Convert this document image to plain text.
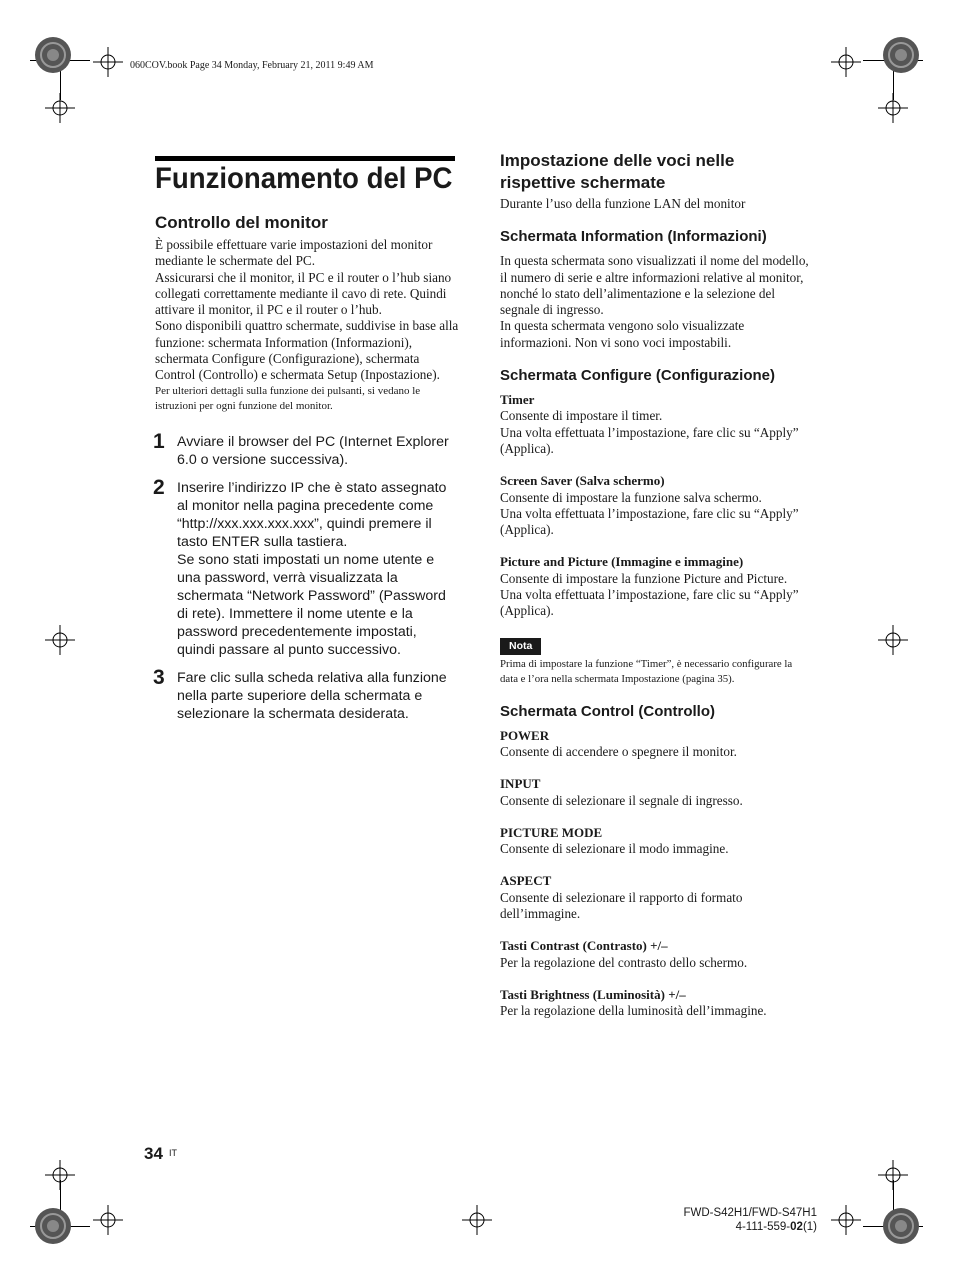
060COV.book Page 34 Monday, February 21, 2011 9:49 AM
Funzionamento del PC
Controllo del monitor

È possibile effettuare varie impostazioni del monitor mediante le schermate del PC.

Assicurarsi che il monitor, il PC e il router o l’hub siano collegati correttamente mediante il cavo di rete. Quindi attivare il monitor, il PC e il router o l’hub.

Sono disponibili quattro schermate, suddivise in base alla funzione: schermata Information (Informazioni), schermata Configure (Configurazione), schermata Control (Controllo) e schermata Setup (Inpostazione).

Per ulteriori dettagli sulla funzione dei pulsanti, si vedano le istruzioni per ogni funzione del monitor.

1 Avviare il browser del PC (Internet Explorer 6.0 o versione successiva).
2 Inserire l’indirizzo IP che è stato assegnato al monitor nella pagina precedente come “http://xxx.xxx.xxx.xxx”, quindi premere il tasto ENTER sulla tastiera.
Se sono stati impostati un nome utente e una password, verrà visualizzata la schermata “Network Password” (Password di rete). Immettere il nome utente e la password precedentemente impostati, quindi passare al punto successivo.
3 Fare clic sulla scheda relativa alla funzione nella parte superiore della schermata e selezionare la schermata desiderata.
Impostazione delle voci nelle rispettive schermate

Durante l’uso della funzione LAN del monitor

Schermata Information (Informazioni)

In questa schermata sono visualizzati il nome del modello, il numero di serie e altre informazioni relative al monitor, nonché lo stato dell’alimentazione e la selezione del segnale di ingresso.

In questa schermata vengono solo visualizzate informazioni. Non vi sono voci impostabili.

Schermata Configure (Configurazione)

Timer

Consente di impostare il timer.

Una volta effettuata l’impostazione, fare clic su “Apply” (Applica).

Screen Saver (Salva schermo)

Consente di impostare la funzione salva schermo.

Una volta effettuata l’impostazione, fare clic su “Apply” (Applica).

Picture and Picture (Immagine e immagine)

Consente di impostare la funzione Picture and Picture.

Una volta effettuata l’impostazione, fare clic su “Apply” (Applica).

Nota

Prima di impostare la funzione “Timer”, è necessario configurare la data e l’ora nella schermata Impostazione (pagina 35).

Schermata Control (Controllo)

POWER

Consente di accendere o spegnere il monitor.

INPUT

Consente di selezionare il segnale di ingresso.

PICTURE MODE

Consente di selezionare il modo immagine.

ASPECT

Consente di selezionare il rapporto di formato dell’immagine.

Tasti Contrast (Contrasto) +/–

Per la regolazione del contrasto dello schermo.

Tasti Brightness (Luminosità) +/–

Per la regolazione della luminosità dell’immagine.

34 IT
FWD-S42H1/FWD-S47H1
4-111-559-02(1)
